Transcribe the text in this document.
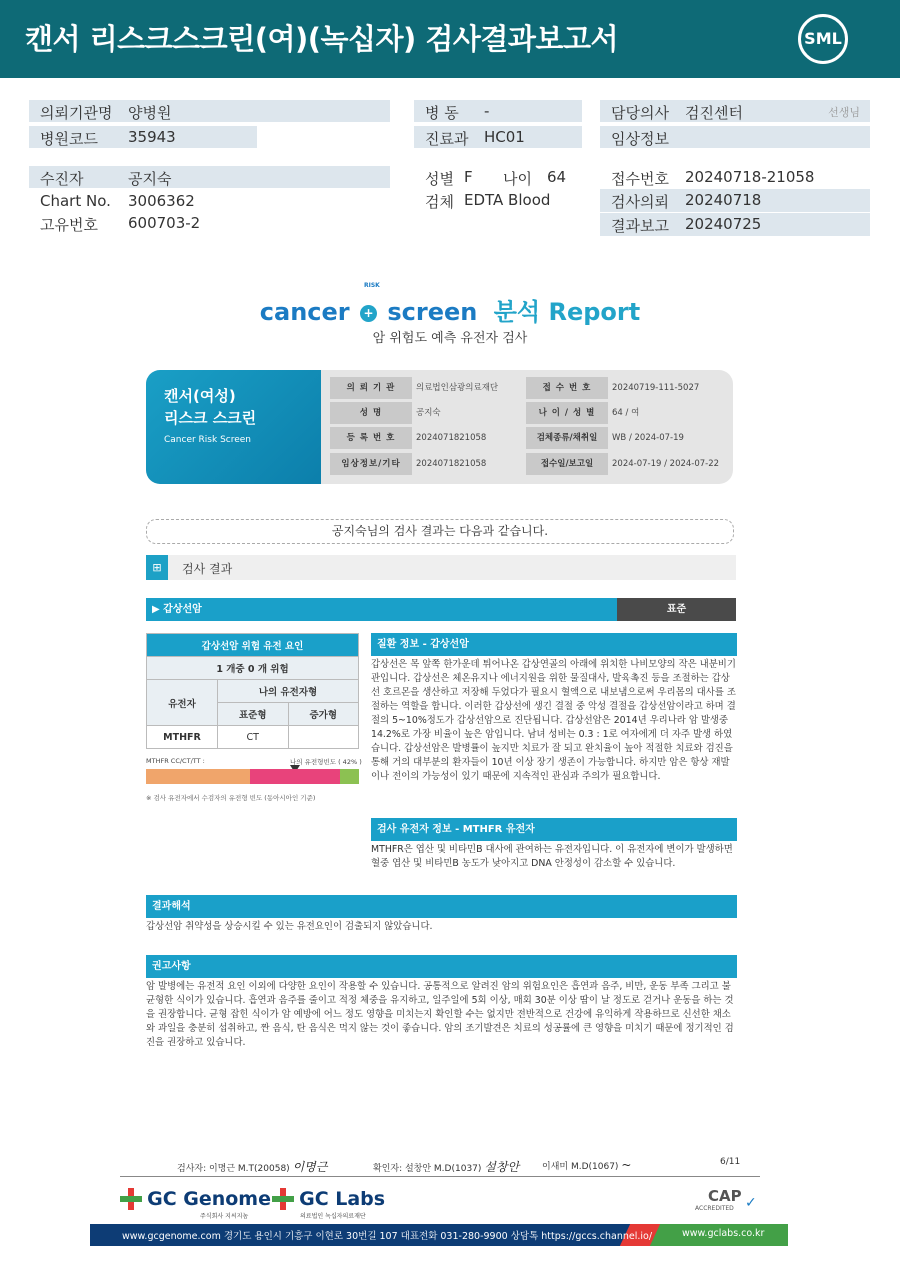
캔서 리스크스크린(여)(녹십자) 검사결과보고서	SML
의뢰기관명 양병원
병원코드 35943
병 동 -
진료과 HC01
담당의사 검진센터	선생님
임상정보
수진자	공지숙
Chart No. 3006362
고유번호 600703-2
성별 F 나이 64
검체 EDTA Blood
접수번호 20240718-21058
검사의뢰 20240718
결과보고 20240725
cancer + screen 분석 Report
RISK
암 위험도 예측 유전자 검사
캔서(여성)
리스크 스크린
Cancer Risk Screen
의 뢰 기 관	의료법인삼광의료재단
성 명	공지숙
등 록 번 호	2024071821058
임상정보/기타	2024071821058
접 수 번 호	20240719-111-5027
나 이 / 성 별	64 / 여
검체종류/채취일	WB / 2024-07-19
접수일/보고일	2024-07-19 / 2024-07-22
공지숙님의 검사 결과는 다음과 같습니다.
⊞	검사 결과
▶ 갑상선암	표준
갑상선암 위험 유전 요인		
1 개중 0 개 위험		
유전자	나의 유전자형	
	표준형	증가형
MTHFR	CT	
MTHFR CC/CT/TT :	나의 유전형빈도 ( 42% )
※ 검사 유전자에서 수검자의 유전형 빈도 (동아시아인 기준)
질환 정보 - 갑상선암
갑상선은 목 앞쪽 한가운데 튀어나온 갑상연골의 아래에 위치한 나비모양의 작은 내분비기관입니다. 갑상선은 체온유지나 에너지원을 위한 물질대사, 발육촉진 등을 조절하는 갑상선 호르몬을 생산하고 저장해 두었다가 필요시 혈액으로 내보냄으로써 우리몸의 대사를 조절하는 역할을 합니다. 이러한 갑상선에 생긴 결절 중 악성 결절을 갑상선암이라고 하며 결절의 5~10%정도가 갑상선암으로 진단됩니다. 갑상선암은 2014년 우리나라 암 발생중 14.2%로 가장 비율이 높은 암입니다. 남녀 성비는 0.3 : 1로 여자에게 더 자주 발생 하였습니다. 갑상선암은 발병률이 높지만 치료가 잘 되고 완치율이 높아 적절한 치료와 검진을 통해 거의 대부분의 환자들이 10년 이상 장기 생존이 가능합니다. 하지만 암은 항상 재발이나 전이의 가능성이 있기 때문에 지속적인 관심과 주의가 필요합니다.
검사 유전자 정보 - MTHFR 유전자
MTHFR은 엽산 및 비타민B 대사에 관여하는 유전자입니다. 이 유전자에 변이가 발생하면 혈중 엽산 및 비타민B 농도가 낮아지고 DNA 안정성이 감소할 수 있습니다.
결과해석
갑상선암 취약성을 상승시킬 수 있는 유전요인이 검출되지 않았습니다.
권고사항
암 발병에는 유전적 요인 이외에 다양한 요인이 작용할 수 있습니다. 공통적으로 알려진 암의 위험요인은 흡연과 음주, 비만, 운동 부족 그리고 불균형한 식이가 있습니다. 흡연과 음주를 줄이고 적정 체중을 유지하고, 일주일에 5회 이상, 매회 30분 이상 땀이 날 정도로 걷거나 운동을 하는 것을 권장합니다. 균형 잡힌 식이가 암 예방에 어느 정도 영향을 미치는지 확인할 수는 없지만 전반적으로 건강에 유익하게 작용하므로 신선한 채소와 과일을 충분히 섭취하고, 짠 음식, 탄 음식은 먹지 않는 것이 좋습니다. 암의 조기발견은 치료의 성공률에 큰 영향을 미치기 때문에 정기적인 검진을 권장하고 있습니다.
검사자: 이명근 M.T(20058) 이명근	확인자: 설창안 M.D(1037) 설창안	이새미 M.D(1067) ~	6/11
GC Genome
주식회사 지씨지놈
GC Labs
의료법인 녹십자의료재단
CAP
ACCREDITED ✓
www.gcgenome.com 경기도 용인시 기흥구 이현로 30번길 107 대표전화 031-280-9900 상담톡 https://gccs.channel.io/	www.gclabs.co.kr
